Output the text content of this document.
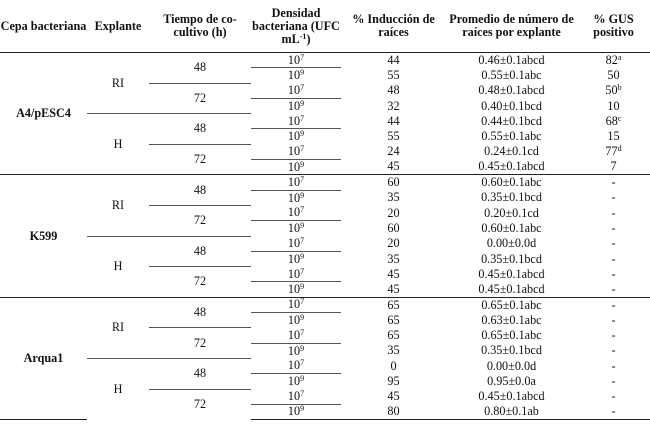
Cepa bacteriana	Explante	Tiempo de co-cultivo (h)	Densidad bacteriana (UFC $mL^{-1}$)	% Inducción de raíces	Promedio de número de raíces por explante	% GUS positivo
A4/pESC4	RI	48	$10^7$	44	0.46±0.1abcd	82$^a$
			$10^9$	55	0.55±0.1abc	50
		72	$10^7$	48	0.48±0.1abcd	50$^b$
			$10^9$	32	0.40±0.1bcd	10
	H	48	$10^7$	44	0.44±0.1bcd	68$^c$
			$10^9$	55	0.55±0.1abc	15
		72	$10^7$	24	0.24±0.1cd	77$^d$
			$10^9$	45	0.45±0.1abcd	7
K599	RI	48	$10^7$	60	0.60±0.1abc	-
			$10^9$	35	0.35±0.1bcd	-
		72	$10^7$	20	0.20±0.1cd	-
			$10^9$	60	0.60±0.1abc	-
	H	48	$10^7$	20	0.00±0.0d	-
			$10^9$	35	0.35±0.1bcd	-
		72	$10^7$	45	0.45±0.1abcd	-
			$10^9$	45	0.45±0.1abcd	-
Arqua1	RI	48	$10^7$	65	0.65±0.1abc	-
			$10^9$	65	0.63±0.1abc	-
		72	$10^7$	65	0.65±0.1abc	-
			$10^9$	35	0.35±0.1bcd	-
	H	48	$10^7$	0	0.00±0.0d	-
			$10^9$	95	0.95±0.0a	-
		72	$10^7$	45	0.45±0.1abcd	-
			$10^9$	80	0.80±0.1ab	-
